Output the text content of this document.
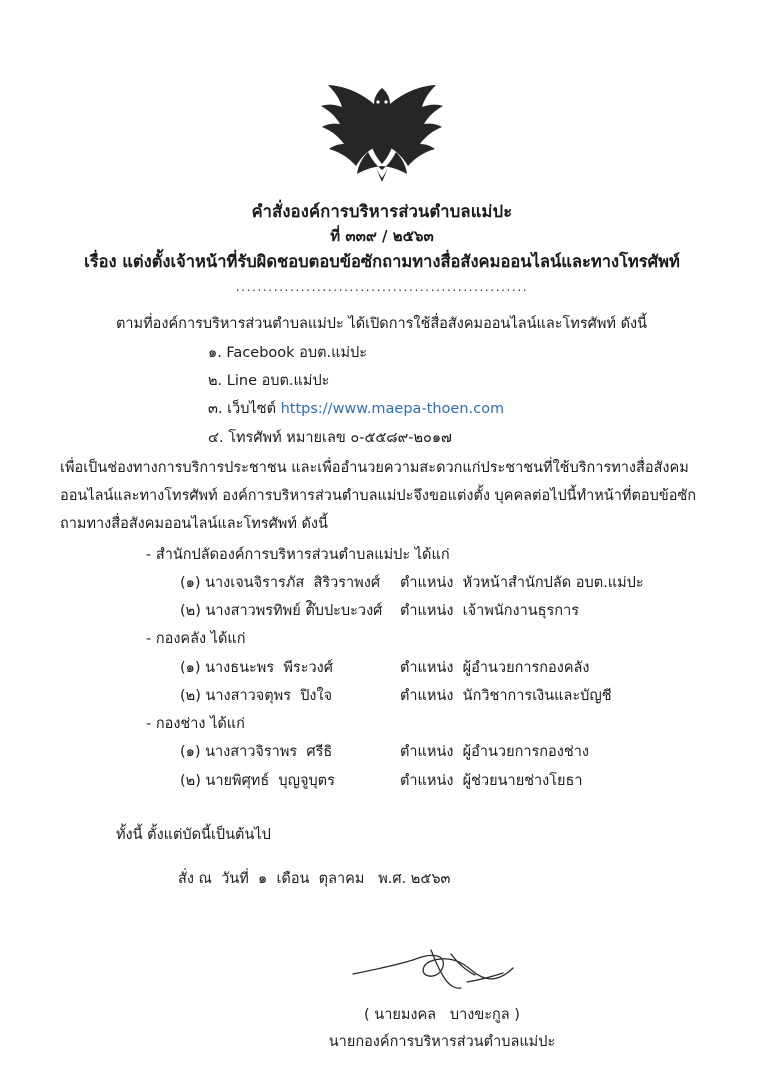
คำสั่งองค์การบริหารส่วนตำบลแม่ปะ
ที่ ๓๓๙ / ๒๕๖๓
เรื่อง แต่งตั้งเจ้าหน้าที่รับผิดชอบตอบข้อซักถามทางสื่อสังคมออนไลน์และทางโทรศัพท์
......................................................

ตามที่องค์การบริหารส่วนตำบลแม่ปะ ได้เปิดการใช้สื่อสังคมออนไลน์และโทรศัพท์ ดังนี้

๑. Facebook อบต.แม่ปะ
๒. Line อบต.แม่ปะ
๓. เว็บไซต์ https://www.maepa-thoen.com
๔. โทรศัพท์ หมายเลข ๐-๕๕๘๙-๒๐๑๗

เพื่อเป็นช่องทางการบริการประชาชน และเพื่ออำนวยความสะดวกแก่ประชาชนที่ใช้บริการทางสื่อสังคมออนไลน์และทางโทรศัพท์ องค์การบริหารส่วนตำบลแม่ปะจึงขอแต่งตั้ง บุคคลต่อไปนี้ทำหน้าที่ตอบข้อซักถามทางสื่อสังคมออนไลน์และโทรศัพท์ ดังนี้

- สำนักปลัดองค์การบริหารส่วนตำบลแม่ปะ ได้แก่
(๑) นางเจนจิรารภัส  สิริวราพงศ์	ตำแหน่ง  หัวหน้าสำนักปลัด อบต.แม่ปะ
(๒) นางสาวพรทิพย์ ต๊ิบปะบะวงศ์	ตำแหน่ง  เจ้าพนักงานธุรการ
- กองคลัง ได้แก่
(๑) นางธนะพร  พีระวงศ์	ตำแหน่ง  ผู้อำนวยการกองคลัง
(๒) นางสาวจตุพร  ปิงใจ	ตำแหน่ง  นักวิชาการเงินและบัญชี
- กองช่าง ได้แก่
(๑) นางสาวจิราพร  ศรีธิ	ตำแหน่ง  ผู้อำนวยการกองช่าง
(๒) นายพิศุทธ์  บุญจูบุตร	ตำแหน่ง  ผู้ช่วยนายช่างโยธา

ทั้งนี้ ตั้งแต่บัดนี้เป็นต้นไป

สั่ง ณ  วันที่  ๑  เดือน  ตุลาคม   พ.ศ. ๒๕๖๓

( นายมงคล   บางขะกูล )
นายกองค์การบริหารส่วนตำบลแม่ปะ
